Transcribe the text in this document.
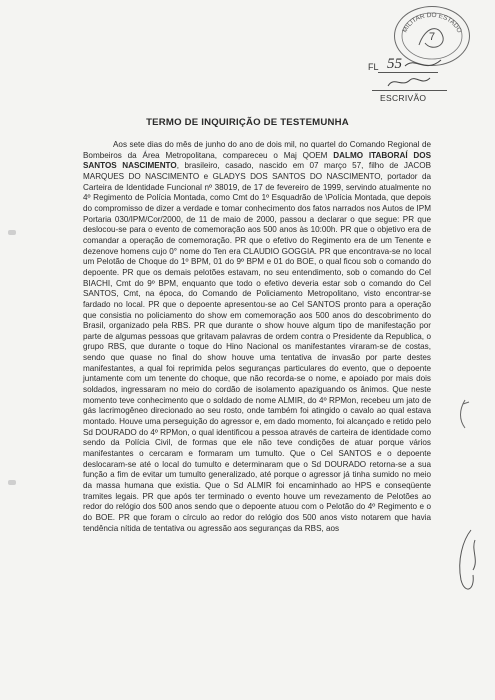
MILITAR DO ESTADO
7
FL 55
ESCRIVÃO
TERMO DE INQUIRIÇÃO DE TESTEMUNHA

Aos sete dias do mês de junho do ano de dois mil, no quartel do Comando Regional de Bombeiros da Área Metropolitana, compareceu o Maj QOEM DALMO ITABORAÍ DOS SANTOS NASCIMENTO, brasileiro, casado, nascido em 07 março 57, filho de JACOB MARQUES DO NASCIMENTO e GLADYS DOS SANTOS DO NASCIMENTO, portador da Carteira de Identidade Funcional nº 38019, de 17 de fevereiro de 1999, servindo atualmente no 4º Regimento de Polícia Montada, como Cmt do 1º Esquadrão de \Polícia Montada, que depois do compromisso de dizer a verdade e tomar conhecimento dos fatos narrados nos Autos de IPM Portaria 030/IPM/Cor/2000, de 11 de maio de 2000, passou a declarar o que segue: PR que deslocou-se para o evento de comemoração aos 500 anos às 10:00h. PR que o objetivo era de comandar a operação de comemoração. PR que o efetivo do Regimento era de um Tenente e dezenove homens cujo 0° nome do Ten era CLAUDIO GOGGIA. PR que encontrava-se no local um Pelotão de Choque do 1º BPM, 01 do 9º BPM e 01 do BOE, o qual ficou sob o comando do depoente. PR que os demais pelotões estavam, no seu entendimento, sob o comando do Cel BIACHI, Cmt do 9º BPM, enquanto que todo o efetivo deveria estar sob o comando do Cel SANTOS, Cmt, na época, do Comando de Policiamento Metropolitano, visto encontrar-se fardado no local. PR que o depoente apresentou-se ao Cel SANTOS pronto para a operação que consistia no policiamento do show em comemoração aos 500 anos do descobrimento do Brasil, organizado pela RBS. PR que durante o show houve algum tipo de manifestação por parte de algumas pessoas que gritavam palavras de ordem contra o Presidente da Republica, o grupo RBS, que durante o toque do Hino Nacional os manifestantes viraram-se de costas, sendo que quase no final do show houve uma tentativa de invasão por parte destes manifestantes, a qual foi reprimida pelos seguranças particulares do evento, que o depoente juntamente com um tenente do choque, que não recorda-se o nome, e apoiado por mais dois soldados, ingressaram no meio do cordão de isolamento apaziguando os ânimos. Que neste momento teve conhecimento que o soldado de nome ALMIR, do 4º RPMon, recebeu um jato de gás lacrimogêneo direcionado ao seu rosto, onde também foi atingido o cavalo ao qual estava montado. Houve uma perseguição do agressor e, em dado momento, foi alcançado e retido pelo Sd DOURADO do 4º RPMon, o qual identificou a pessoa através de carteira de identidade como sendo da Polícia Civil, de formas que ele não teve condições de atuar porque vários manifestantes o cercaram e formaram um tumulto. Que o Cel SANTOS e o depoente deslocaram-se até o local do tumulto e determinaram que o Sd DOURADO retorna-se a sua função a fim de evitar um tumulto generalizado, até porque o agressor já tinha sumido no meio da massa humana que existia. Que o Sd ALMIR foi encaminhado ao HPS e conseqüente tramites legais. PR que após ter terminado o evento houve um revezamento de Pelotões ao redor do relógio dos 500 anos sendo que o depoente atuou com o Pelotão do 4º Regimento e o do BOE. PR que foram o círculo ao redor do relógio dos 500 anos visto notarem que havia tendência nítida de tentativa ou agressão aos seguranças da RBS, aos
